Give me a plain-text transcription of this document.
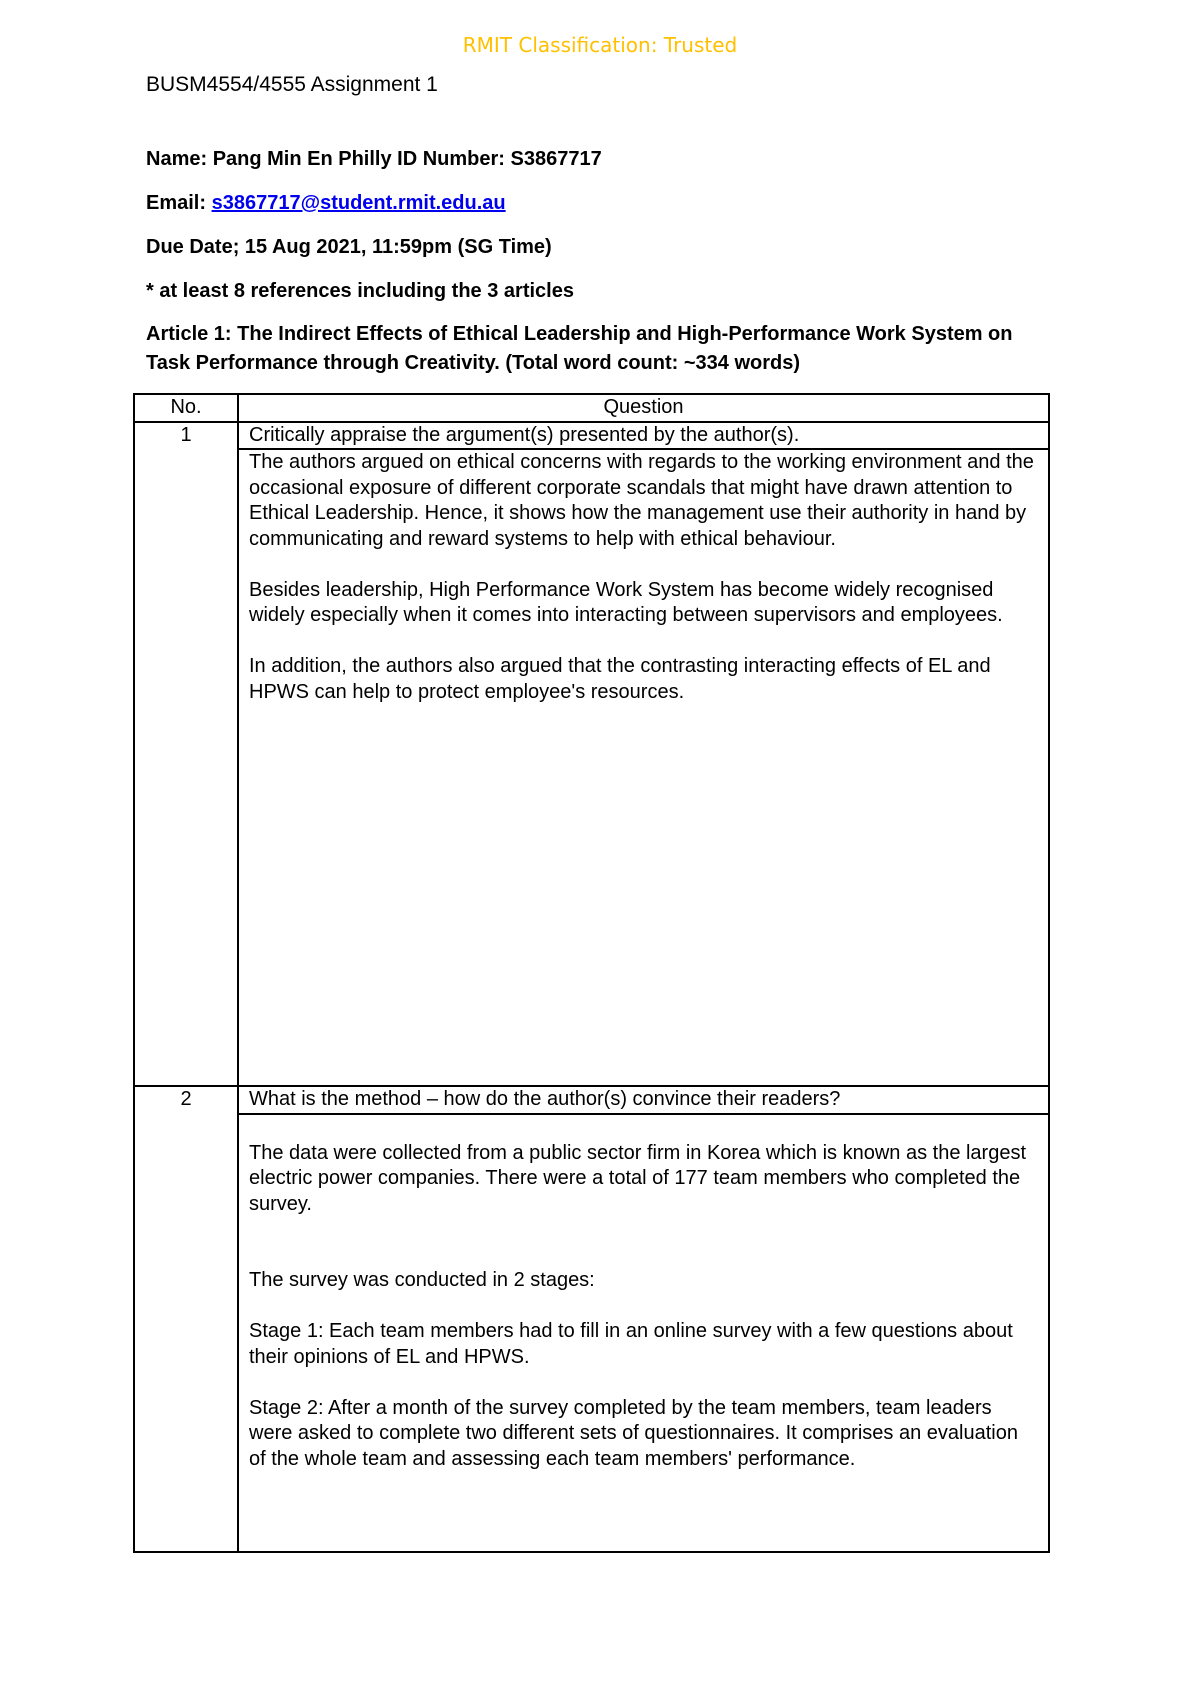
RMIT Classification: Trusted
BUSM4554/4555 Assignment 1
Name: Pang Min En Philly ID Number: S3867717
Email: s3867717@student.rmit.edu.au
Due Date; 15 Aug 2021, 11:59pm (SG Time)
* at least 8 references including the 3 articles
Article 1: The Indirect Effects of Ethical Leadership and High-Performance Work System on Task Performance through Creativity. (Total word count: ~334 words)
No.	Question
1	Critically appraise the argument(s) presented by the author(s).

	The authors argued on ethical concerns with regards to the working environment and the occasional exposure of different corporate scandals that might have drawn attention to Ethical Leadership. Hence, it shows how the management use their authority in hand by communicating and reward systems to help with ethical behaviour.

Besides leadership, High Performance Work System has become widely recognised widely especially when it comes into interacting between supervisors and employees.

In addition, the authors also argued that the contrasting interacting effects of EL and HPWS can help to protect employee's resources.

2	What is the method – how do the author(s) convince their readers?

	The data were collected from a public sector firm in Korea which is known as the largest electric power companies. There were a total of 177 team members who completed the survey.

The survey was conducted in 2 stages:

Stage 1: Each team members had to fill in an online survey with a few questions about their opinions of EL and HPWS.

Stage 2: After a month of the survey completed by the team members, team leaders were asked to complete two different sets of questionnaires. It comprises an evaluation of the whole team and assessing each team members' performance.
